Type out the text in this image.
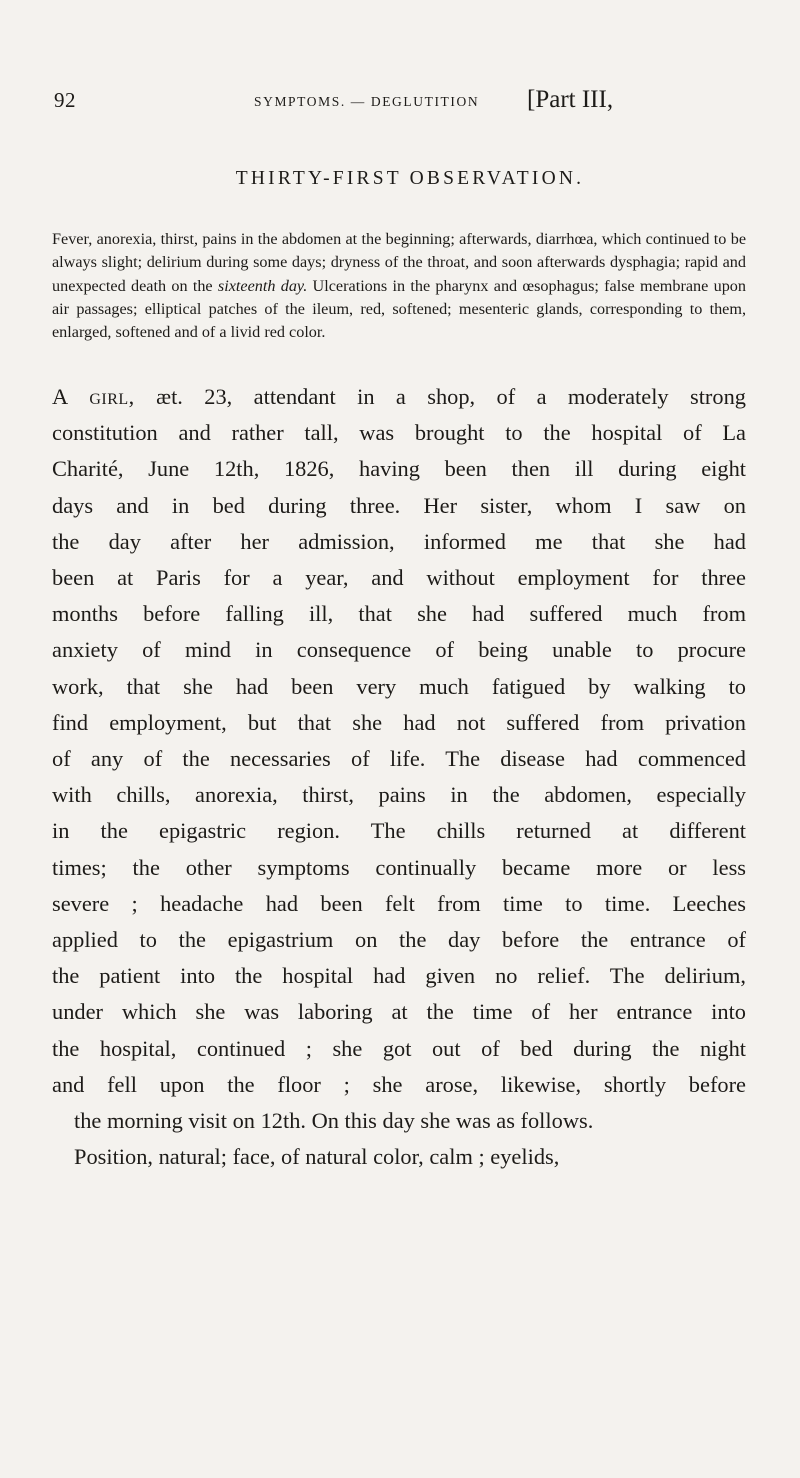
92	SYMPTOMS. — DEGLUTITION [Part III,
THIRTY-FIRST OBSERVATION.

Fever, anorexia, thirst, pains in the abdomen at the beginning; afterwards, diarrhœa, which continued to be always slight; delirium during some days; dryness of the throat, and soon afterwards dysphagia; rapid and unexpected death on the sixteenth day. Ulcerations in the pharynx and œsophagus; false membrane upon air passages; elliptical patches of the ileum, red, softened; mesenteric glands, corresponding to them, enlarged, softened and of a livid red color.

A girl, æt. 23, attendant in a shop, of a moderately strong
constitution and rather tall, was brought to the hospital of La
Charité, June 12th, 1826, having been then ill during eight
days and in bed during three. Her sister, whom I saw on
the day after her admission, informed me that she had
been at Paris for a year, and without employment for three
months before falling ill, that she had suffered much from
anxiety of mind in consequence of being unable to procure
work, that she had been very much fatigued by walking to
find employment, but that she had not suffered from privation
of any of the necessaries of life. The disease had commenced
with chills, anorexia, thirst, pains in the abdomen, especially
in the epigastric region. The chills returned at different
times; the other symptoms continually became more or less
severe ; headache had been felt from time to time. Leeches
applied to the epigastrium on the day before the entrance of
the patient into the hospital had given no relief. The delirium,
under which she was laboring at the time of her entrance into
the hospital, continued ; she got out of bed during the night
and fell upon the floor ; she arose, likewise, shortly before
the morning visit on 12th. On this day she was as follows.
Position, natural; face, of natural color, calm ; eyelids,
